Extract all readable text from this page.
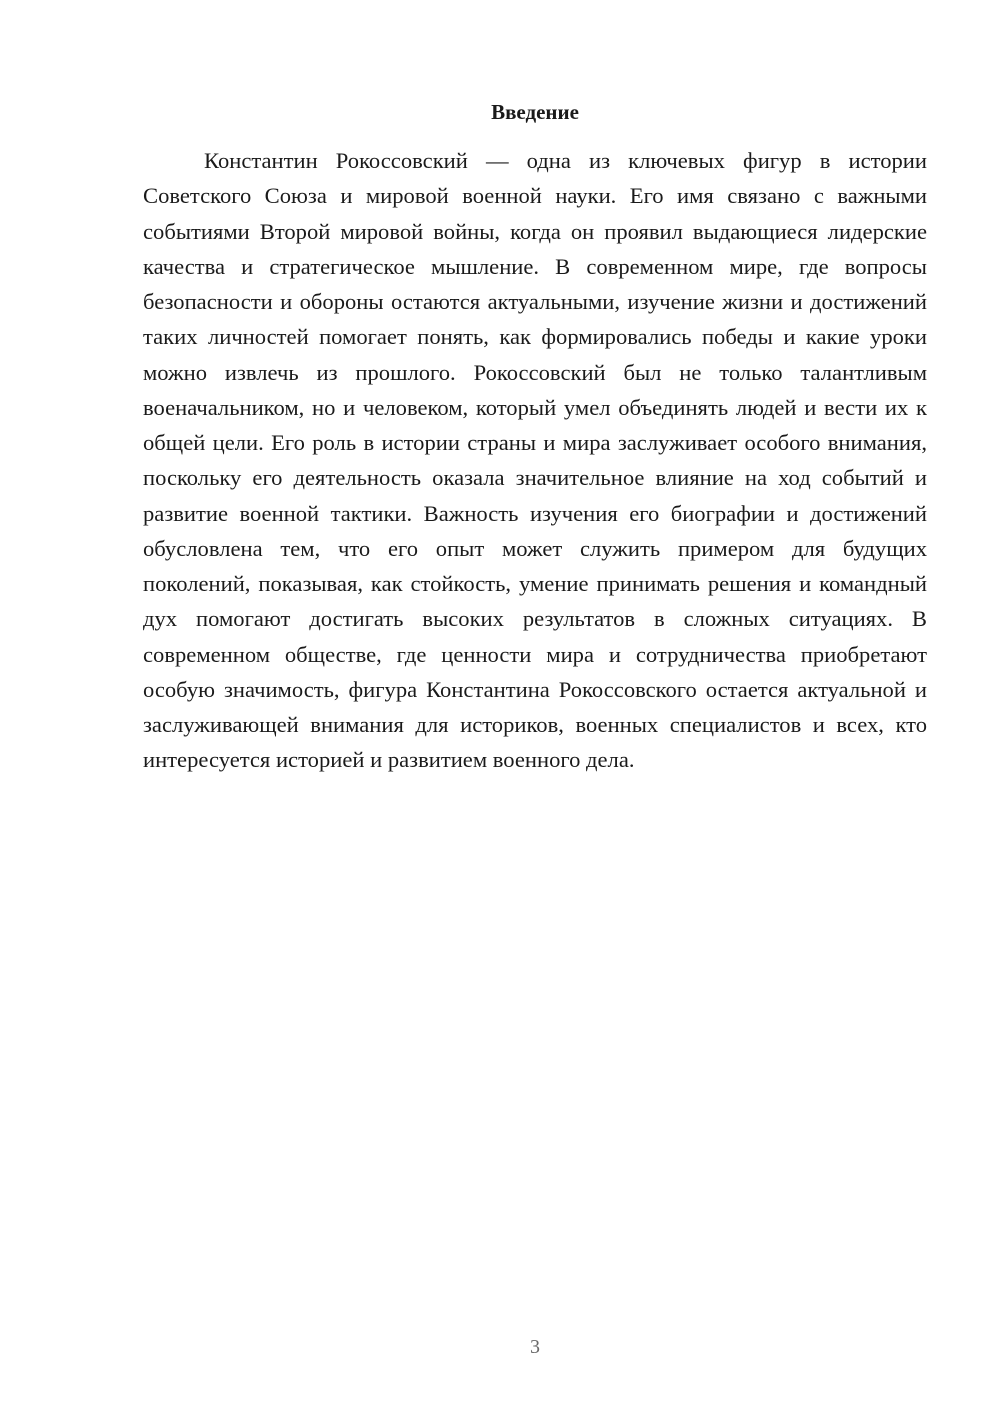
Введение

Константин Рокоссовский — одна из ключевых фигур в истории Советского Союза и мировой военной науки. Его имя связано с важными событиями Второй мировой войны, когда он проявил выдающиеся лидерские качества и стратегическое мышление. В современном мире, где вопросы безопасности и обороны остаются актуальными, изучение жизни и достижений таких личностей помогает понять, как формировались победы и какие уроки можно извлечь из прошлого. Рокоссовский был не только талантливым военачальником, но и человеком, который умел объединять людей и вести их к общей цели. Его роль в истории страны и мира заслуживает особого внимания, поскольку его деятельность оказала значительное влияние на ход событий и развитие военной тактики. Важность изучения его биографии и достижений обусловлена тем, что его опыт может служить примером для будущих поколений, показывая, как стойкость, умение принимать решения и командный дух помогают достигать высоких результатов в сложных ситуациях. В современном обществе, где ценности мира и сотрудничества приобретают особую значимость, фигура Константина Рокоссовского остается актуальной и заслуживающей внимания для историков, военных специалистов и всех, кто интересуется историей и развитием военного дела.

3
